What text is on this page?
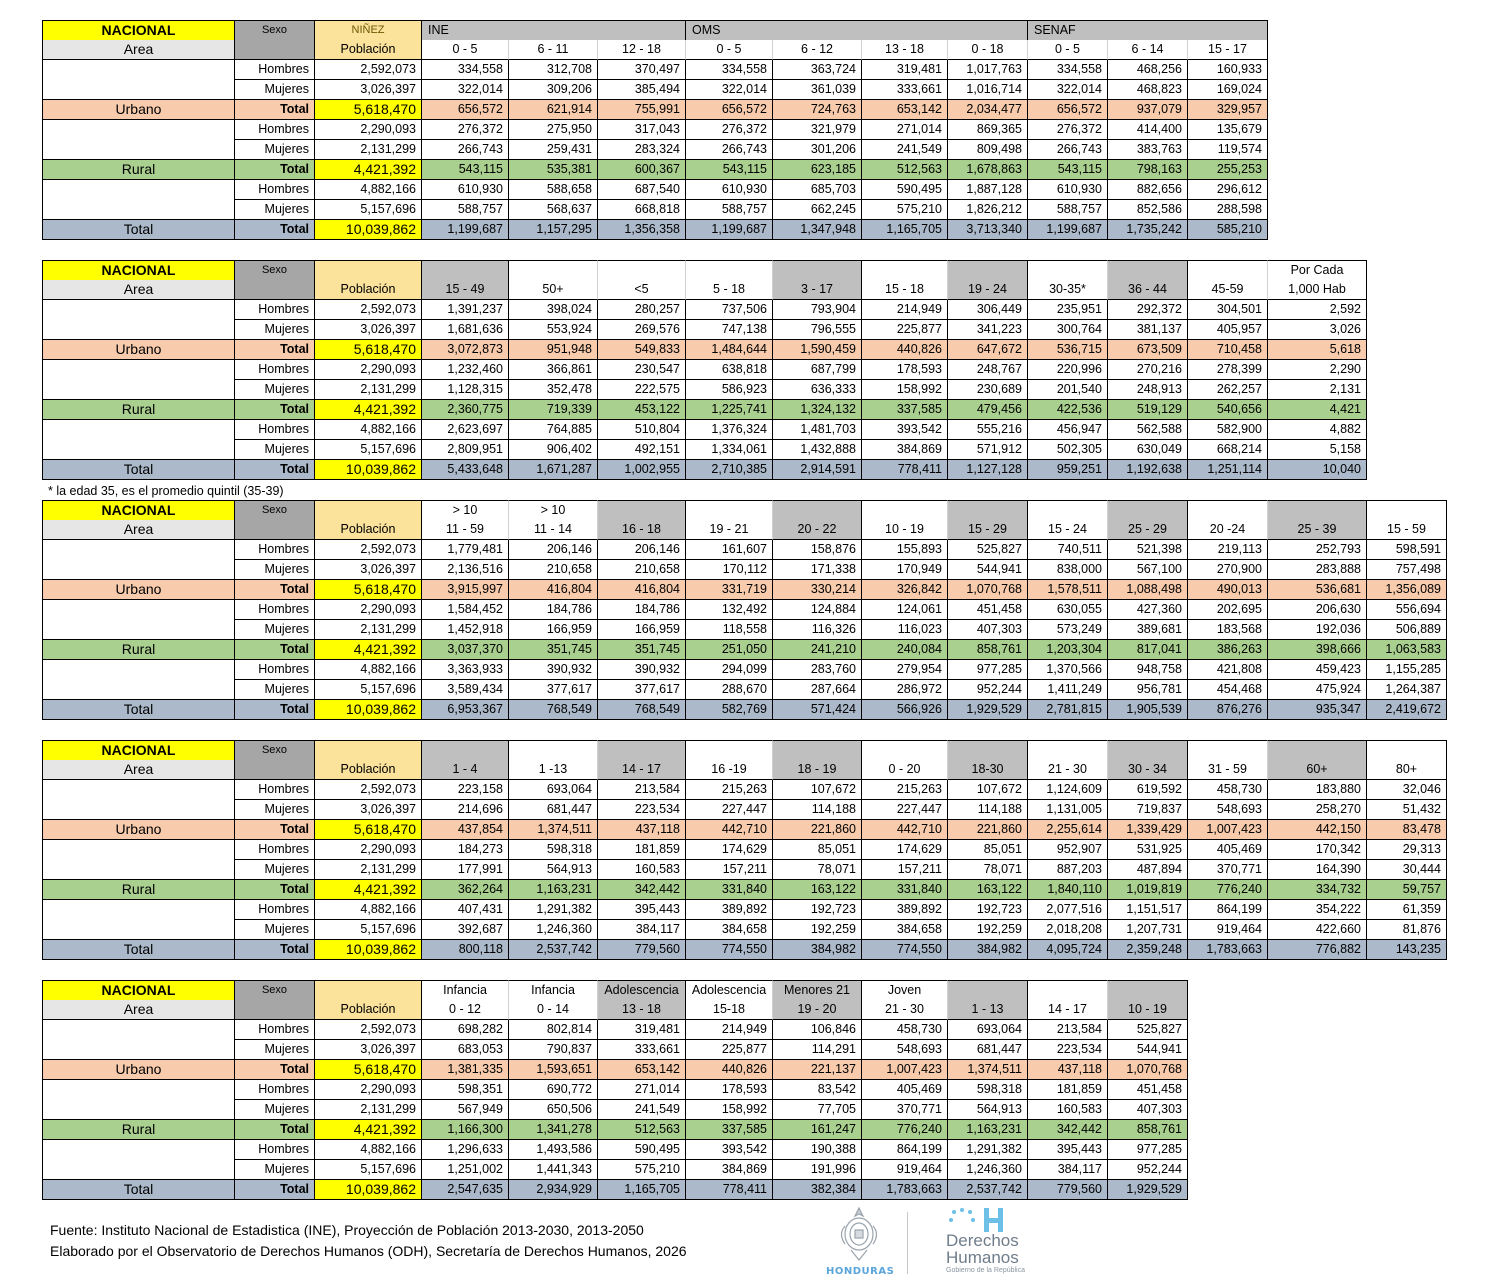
NACIONAL	Sexo	NIÑEZ	INE	OMS	SENAF
Area	Población	0 - 5	6 - 11	12 - 18	0 - 5	6 - 12	13 - 18	0 - 18	0 - 5	6 - 14	15 - 17
Hombres	2,592,073	334,558	312,708	370,497	334,558	363,724	319,481	1,017,763	334,558	468,256	160,933
Mujeres	3,026,397	322,014	309,206	385,494	322,014	361,039	333,661	1,016,714	322,014	468,823	169,024
Urbano	Total	5,618,470	656,572	621,914	755,991	656,572	724,763	653,142	2,034,477	656,572	937,079	329,957
Hombres	2,290,093	276,372	275,950	317,043	276,372	321,979	271,014	869,365	276,372	414,400	135,679
Mujeres	2,131,299	266,743	259,431	283,324	266,743	301,206	241,549	809,498	266,743	383,763	119,574
Rural	Total	4,421,392	543,115	535,381	600,367	543,115	623,185	512,563	1,678,863	543,115	798,163	255,253
Hombres	4,882,166	610,930	588,658	687,540	610,930	685,703	590,495	1,887,128	610,930	882,656	296,612
Mujeres	5,157,696	588,757	568,637	668,818	588,757	662,245	575,210	1,826,212	588,757	852,586	288,598
Total	Total	10,039,862	1,199,687	1,157,295	1,356,358	1,199,687	1,347,948	1,165,705	3,713,340	1,199,687	1,735,242	585,210
NACIONAL	Sexo	Por Cada
Area	Población	15 - 49	50+	<5	5 - 18	3 - 17	15 - 18	19 - 24	30-35*	36 - 44	45-59	1,000 Hab
Hombres	2,592,073	1,391,237	398,024	280,257	737,506	793,904	214,949	306,449	235,951	292,372	304,501	2,592
Mujeres	3,026,397	1,681,636	553,924	269,576	747,138	796,555	225,877	341,223	300,764	381,137	405,957	3,026
Urbano	Total	5,618,470	3,072,873	951,948	549,833	1,484,644	1,590,459	440,826	647,672	536,715	673,509	710,458	5,618
Hombres	2,290,093	1,232,460	366,861	230,547	638,818	687,799	178,593	248,767	220,996	270,216	278,399	2,290
Mujeres	2,131,299	1,128,315	352,478	222,575	586,923	636,333	158,992	230,689	201,540	248,913	262,257	2,131
Rural	Total	4,421,392	2,360,775	719,339	453,122	1,225,741	1,324,132	337,585	479,456	422,536	519,129	540,656	4,421
Hombres	4,882,166	2,623,697	764,885	510,804	1,376,324	1,481,703	393,542	555,216	456,947	562,588	582,900	4,882
Mujeres	5,157,696	2,809,951	906,402	492,151	1,334,061	1,432,888	384,869	571,912	502,305	630,049	668,214	5,158
Total	Total	10,039,862	5,433,648	1,671,287	1,002,955	2,710,385	2,914,591	778,411	1,127,128	959,251	1,192,638	1,251,114	10,040
NACIONAL	Sexo	> 10	> 10
Area	Población	11 - 59	11 - 14	16 - 18	19 - 21	20 - 22	10 - 19	15 - 29	15 - 24	25 - 29	20 -24	25 - 39	15 - 59
Hombres	2,592,073	1,779,481	206,146	206,146	161,607	158,876	155,893	525,827	740,511	521,398	219,113	252,793	598,591
Mujeres	3,026,397	2,136,516	210,658	210,658	170,112	171,338	170,949	544,941	838,000	567,100	270,900	283,888	757,498
Urbano	Total	5,618,470	3,915,997	416,804	416,804	331,719	330,214	326,842	1,070,768	1,578,511	1,088,498	490,013	536,681	1,356,089
Hombres	2,290,093	1,584,452	184,786	184,786	132,492	124,884	124,061	451,458	630,055	427,360	202,695	206,630	556,694
Mujeres	2,131,299	1,452,918	166,959	166,959	118,558	116,326	116,023	407,303	573,249	389,681	183,568	192,036	506,889
Rural	Total	4,421,392	3,037,370	351,745	351,745	251,050	241,210	240,084	858,761	1,203,304	817,041	386,263	398,666	1,063,583
Hombres	4,882,166	3,363,933	390,932	390,932	294,099	283,760	279,954	977,285	1,370,566	948,758	421,808	459,423	1,155,285
Mujeres	5,157,696	3,589,434	377,617	377,617	288,670	287,664	286,972	952,244	1,411,249	956,781	454,468	475,924	1,264,387
Total	Total	10,039,862	6,953,367	768,549	768,549	582,769	571,424	566,926	1,929,529	2,781,815	1,905,539	876,276	935,347	2,419,672
NACIONAL	Sexo
Area	Población	1 - 4	1 -13	14 - 17	16 -19	18 - 19	0 - 20	18-30	21 - 30	30 - 34	31 - 59	60+	80+
Hombres	2,592,073	223,158	693,064	213,584	215,263	107,672	215,263	107,672	1,124,609	619,592	458,730	183,880	32,046
Mujeres	3,026,397	214,696	681,447	223,534	227,447	114,188	227,447	114,188	1,131,005	719,837	548,693	258,270	51,432
Urbano	Total	5,618,470	437,854	1,374,511	437,118	442,710	221,860	442,710	221,860	2,255,614	1,339,429	1,007,423	442,150	83,478
Hombres	2,290,093	184,273	598,318	181,859	174,629	85,051	174,629	85,051	952,907	531,925	405,469	170,342	29,313
Mujeres	2,131,299	177,991	564,913	160,583	157,211	78,071	157,211	78,071	887,203	487,894	370,771	164,390	30,444
Rural	Total	4,421,392	362,264	1,163,231	342,442	331,840	163,122	331,840	163,122	1,840,110	1,019,819	776,240	334,732	59,757
Hombres	4,882,166	407,431	1,291,382	395,443	389,892	192,723	389,892	192,723	2,077,516	1,151,517	864,199	354,222	61,359
Mujeres	5,157,696	392,687	1,246,360	384,117	384,658	192,259	384,658	192,259	2,018,208	1,207,731	919,464	422,660	81,876
Total	Total	10,039,862	800,118	2,537,742	779,560	774,550	384,982	774,550	384,982	4,095,724	2,359,248	1,783,663	776,882	143,235
NACIONAL	Sexo	Infancia	Infancia	Adolescencia	Adolescencia	Menores 21	Joven
Area	Población	0 - 12	0 - 14	13 - 18	15-18	19 - 20	21 - 30	1 - 13	14 - 17	10 - 19
Hombres	2,592,073	698,282	802,814	319,481	214,949	106,846	458,730	693,064	213,584	525,827
Mujeres	3,026,397	683,053	790,837	333,661	225,877	114,291	548,693	681,447	223,534	544,941
Urbano	Total	5,618,470	1,381,335	1,593,651	653,142	440,826	221,137	1,007,423	1,374,511	437,118	1,070,768
Hombres	2,290,093	598,351	690,772	271,014	178,593	83,542	405,469	598,318	181,859	451,458
Mujeres	2,131,299	567,949	650,506	241,549	158,992	77,705	370,771	564,913	160,583	407,303
Rural	Total	4,421,392	1,166,300	1,341,278	512,563	337,585	161,247	776,240	1,163,231	342,442	858,761
Hombres	4,882,166	1,296,633	1,493,586	590,495	393,542	190,388	864,199	1,291,382	395,443	977,285
Mujeres	5,157,696	1,251,002	1,441,343	575,210	384,869	191,996	919,464	1,246,360	384,117	952,244
Total	Total	10,039,862	2,547,635	2,934,929	1,165,705	778,411	382,384	1,783,663	2,537,742	779,560	1,929,529
* la edad 35, es el promedio quintil (35-39)
Fuente: Instituto Nacional de Estadistica (INE), Proyección de Población 2013-2030, 2013-2050
Elaborado por el Observatorio de Derechos Humanos (ODH), Secretaría de Derechos Humanos, 2026
HONDURAS
Derechos
Humanos
Gobierno de la República
